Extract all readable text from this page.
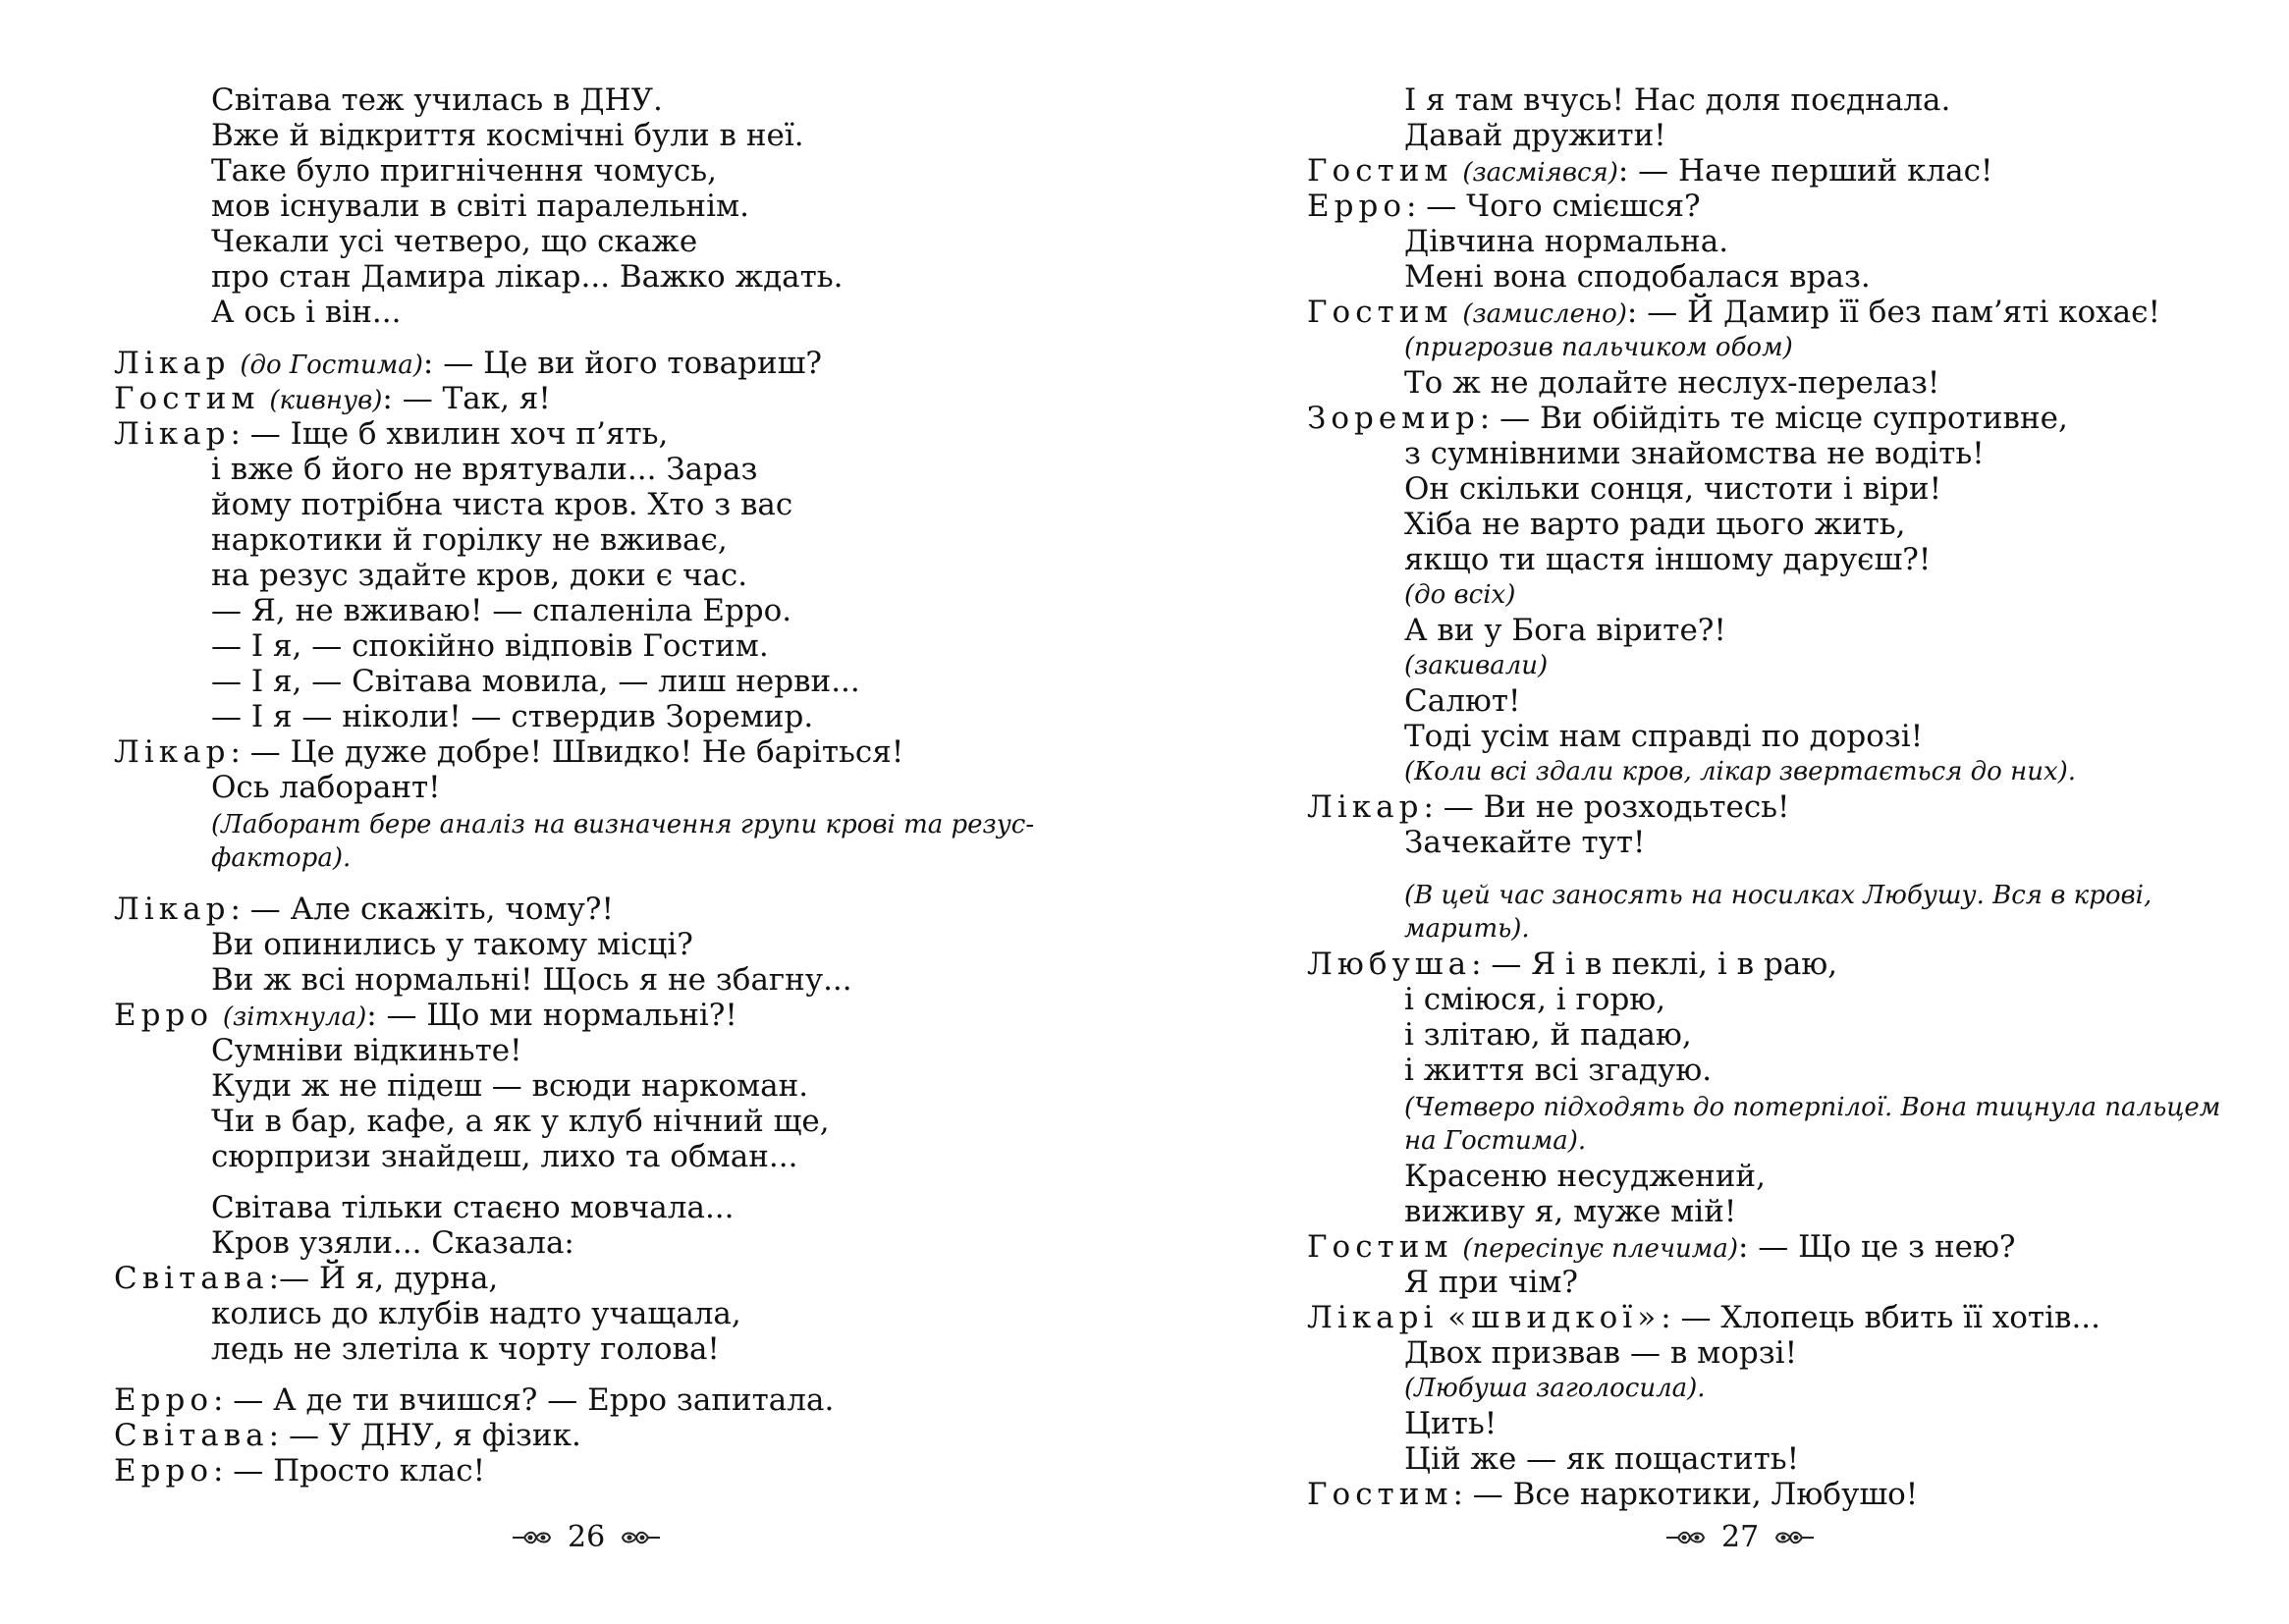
Світава теж училась в ДНУ.
Вже й відкриття космічні були в неї.
Таке було пригнічення чомусь,
мов існували в світі паралельнім.
Чекали усі четверо, що скаже
про стан Дамира лікар... Важко ждать.
А ось і він...
Лікар (до Гостима): — Це ви його товариш?
Гостим (кивнув): — Так, я!
Лікар: — Іще б хвилин хоч п’ять,
і вже б його не врятували... Зараз
йому потрібна чиста кров. Хто з вас
наркотики й горілку не вживає,
на резус здайте кров, доки є час.
— Я, не вживаю! — спаленіла Ерро.
— І я, — спокійно відповів Гостим.
— І я, — Світава мовила, — лиш нерви...
— І я — ніколи! — ствердив Зоремир.
Лікар: — Це дуже добре! Швидко! Не баріться!
Ось лаборант!
(Лаборант бере аналіз на визначення групи крові та резус-
фактора).
Лікар: — Але скажіть, чому?!
Ви опинились у такому місці?
Ви ж всі нормальні! Щось я не збагну...
Ерро (зітхнула): — Що ми нормальні?!
Сумніви відкиньте!
Куди ж не підеш — всюди наркоман.
Чи в бар, кафе, а як у клуб нічний ще,
сюрпризи знайдеш, лихо та обман...
Світава тільки стаєно мовчала...
Кров узяли... Сказала:
Світава:— Й я, дурна,
колись до клубів надто учащала,
ледь не злетіла к чорту голова!
Ерро: — А де ти вчишся? — Ерро запитала.
Світава: — У ДНУ, я фізик.
Ерро: — Просто клас!
26
І я там вчусь! Нас доля поєднала.
Давай дружити!
Гостим (засміявся): — Наче перший клас!
Ерро: — Чого смієшся?
Дівчина нормальна.
Мені вона сподобалася враз.
Гостим (замислено): — Й Дамир її без пам’яті кохає!
(пригрозив пальчиком обом)
То ж не долайте неслух-перелаз!
Зоремир: — Ви обійдіть те місце супротивне,
з сумнівними знайомства не водіть!
Он скільки сонця, чистоти і віри!
Хіба не варто ради цього жить,
якщо ти щастя іншому даруєш?!
(до всіх)
А ви у Бога вірите?!
(закивали)
Салют!
Тоді усім нам справді по дорозі!
(Коли всі здали кров, лікар звертається до них).
Лікар: — Ви не розходьтесь!
Зачекайте тут!
(В цей час заносять на носилках Любушу. Вся в крові,
марить).
Любуша: — Я і в пеклі, і в раю,
і сміюся, і горю,
і злітаю, й падаю,
і життя всі згадую.
(Четверо підходять до потерпілої. Вона тицнула пальцем
на Гостима).
Красеню несуджений,
виживу я, муже мій!
Гостим (пересіпує плечима): — Що це з нею?
Я при чім?
Лікарі «швидкої»: — Хлопець вбить її хотів...
Двох призвав — в морзі!
(Любуша заголосила).
Цить!
Цій же — як пощастить!
Гостим: — Все наркотики, Любушо!
27
